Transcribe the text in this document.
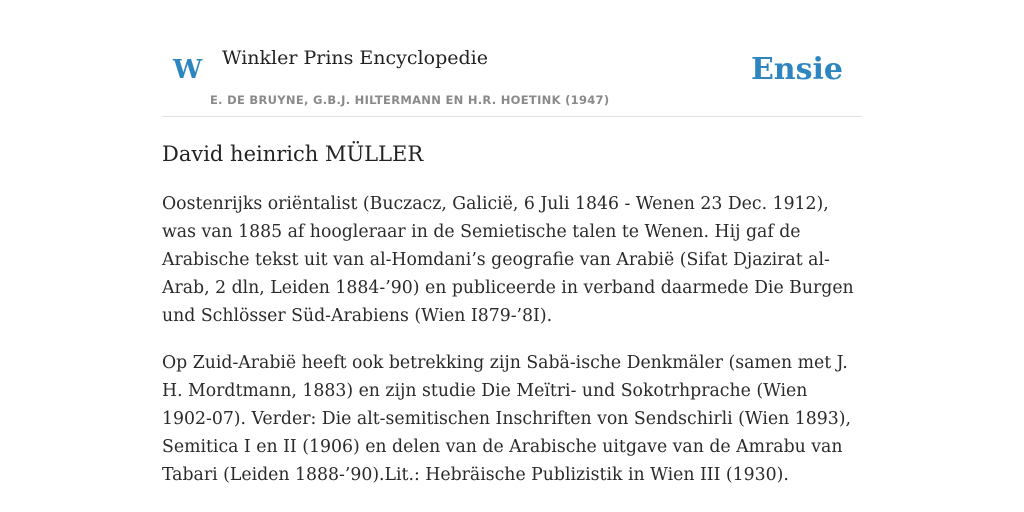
W Winkler Prins Encyclopedie
E. DE BRUYNE, G.B.J. HILTERMANN EN H.R. HOETINK (1947)
Ensie
David heinrich MÜLLER

Oostenrijks oriëntalist (Buczacz, Galicië, 6 Juli 1846 - Wenen 23 Dec. 1912), was van 1885 af hoogleraar in de Semietische talen te Wenen. Hij gaf de Arabische tekst uit van al-Homdani’s geografie van Arabië (Sifat Djazirat al-Arab, 2 dln, Leiden 1884-’90) en publiceerde in verband daarmede Die Burgen und Schlösser Süd-Arabiens (Wien I879-’8I).

Op Zuid-Arabië heeft ook betrekking zijn Sabä-ische Denkmäler (samen met J. H. Mordtmann, 1883) en zijn studie Die Meïtri- und Sokotrhprache (Wien 1902-07). Verder: Die alt-semitischen Inschriften von Sendschirli (Wien 1893), Semitica I en II (1906) en delen van de Arabische uitgave van de Amrabu van Tabari (Leiden 1888-’90).Lit.: Hebräische Publizistik in Wien III (1930).
